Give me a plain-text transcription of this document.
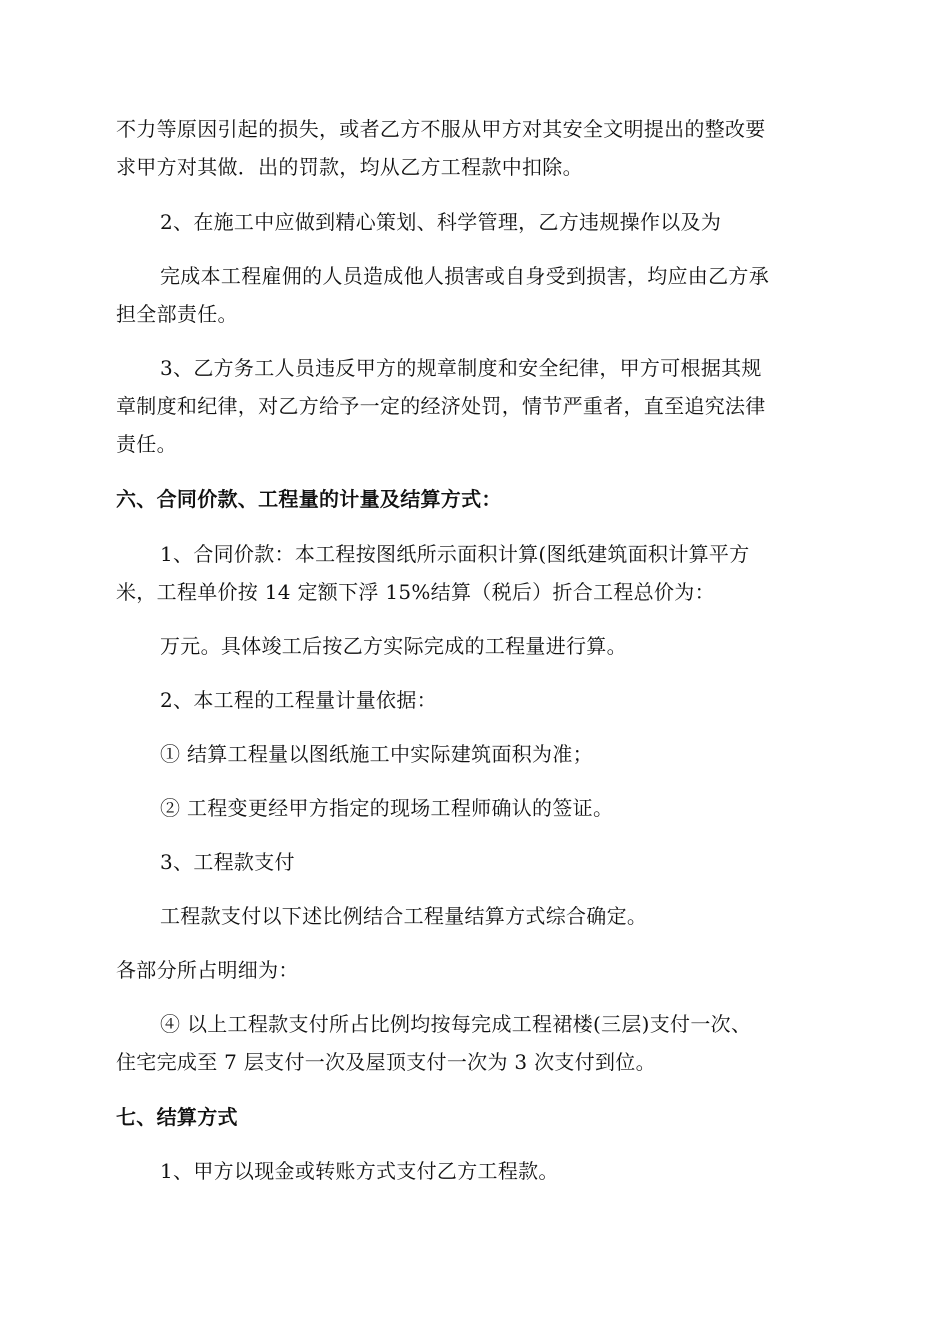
不力等原因引起的损失，或者乙方不服从甲方对其安全文明提出的整改要
求甲方对其做．出的罚款，均从乙方工程款中扣除。
2、在施工中应做到精心策划、科学管理，乙方违规操作以及为
完成本工程雇佣的人员造成他人损害或自身受到损害，均应由乙方承
担全部责任。
3、乙方务工人员违反甲方的规章制度和安全纪律，甲方可根据其规
章制度和纪律，对乙方给予一定的经济处罚，情节严重者，直至追究法律
责任。
六、合同价款、工程量的计量及结算方式：
1、合同价款：本工程按图纸所示面积计算(图纸建筑面积计算平方
米，工程单价按 14 定额下浮 15%结算（税后）折合工程总价为：
万元。具体竣工后按乙方实际完成的工程量进行算。
2、本工程的工程量计量依据：
① 结算工程量以图纸施工中实际建筑面积为准；
② 工程变更经甲方指定的现场工程师确认的签证。
3、工程款支付
工程款支付以下述比例结合工程量结算方式综合确定。
各部分所占明细为：
④ 以上工程款支付所占比例均按每完成工程裙楼(三层)支付一次、
住宅完成至 7 层支付一次及屋顶支付一次为 3 次支付到位。
七、结算方式
1、甲方以现金或转账方式支付乙方工程款。
